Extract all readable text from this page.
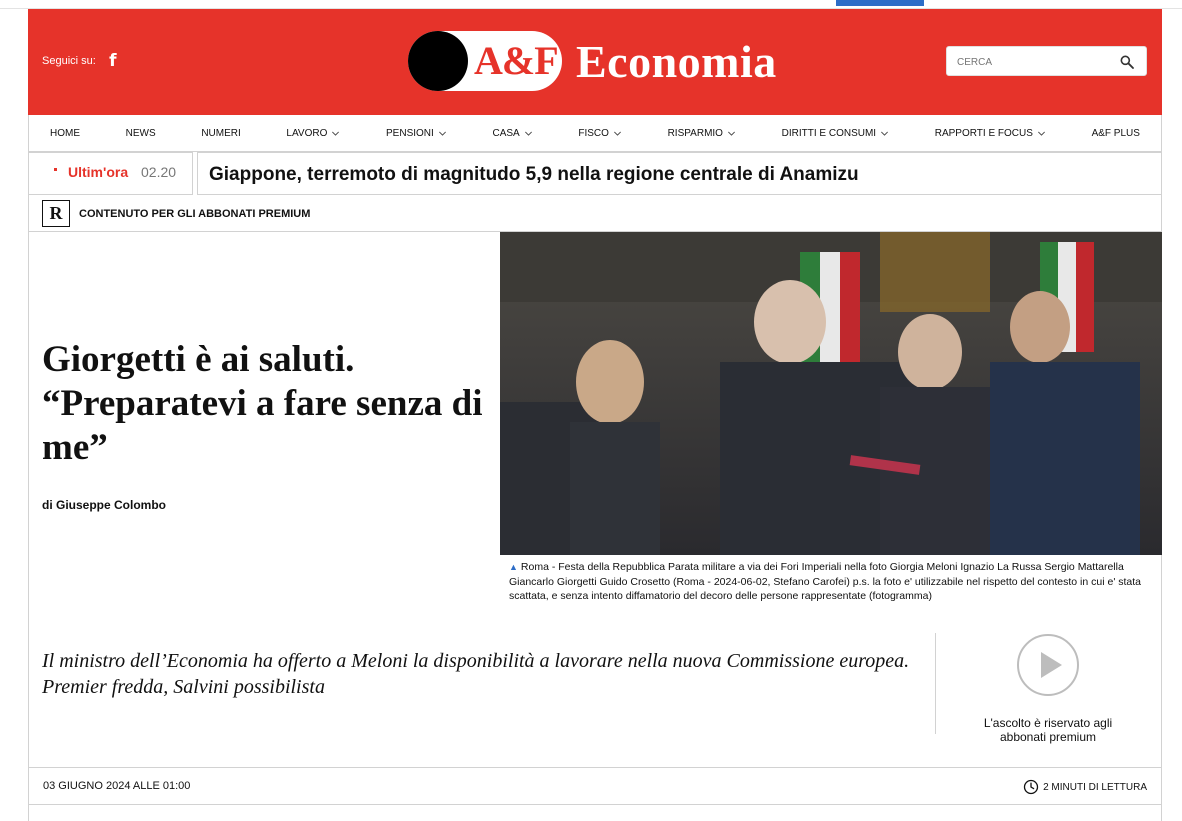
Seguici su: f	A&F Economia
CERCA
HOME	NEWS	NUMERI	LAVORO	PENSIONI	CASA	FISCO	RISPARMIO	DIRITTI E CONSUMI	RAPPORTI E FOCUS	A&F PLUS
Ultim'ora 02.20 Giappone, terremoto di magnitudo 5,9 nella regione centrale di Anamizu
R	CONTENUTO PER GLI ABBONATI PREMIUM
Giorgetti è ai saluti. “Preparatevi a fare senza di me”
di Giuseppe Colombo
▲ Roma - Festa della Repubblica Parata militare a via dei Fori Imperiali nella foto Giorgia Meloni Ignazio La Russa Sergio Mattarella Giancarlo Giorgetti Guido Crosetto (Roma - 2024-06-02, Stefano Carofei) p.s. la foto e' utilizzabile nel rispetto del contesto in cui e' stata scattata, e senza intento diffamatorio del decoro delle persone rappresentate (fotogramma)

Il ministro dell’Economia ha offerto a Meloni la disponibilità a lavorare nella nuova Commissione europea. Premier fredda, Salvini possibilista

L'ascolto è riservato agli abbonati premium
03 GIUGNO 2024 ALLE 01:00	2 MINUTI DI LETTURA
